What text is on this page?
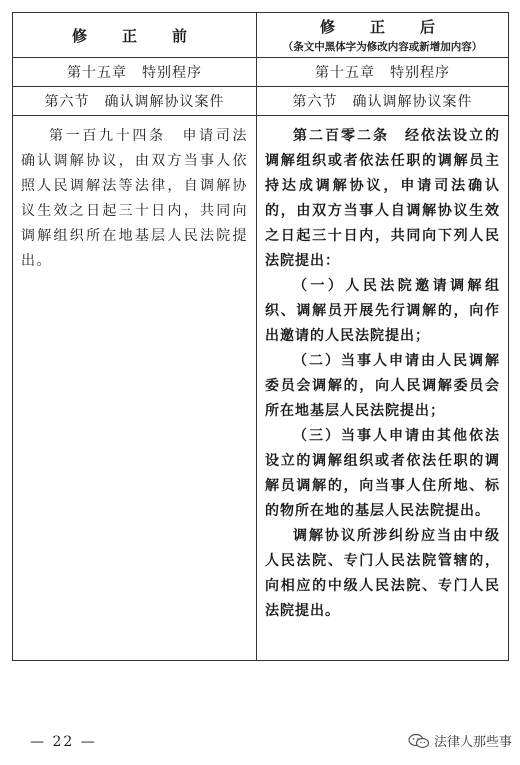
修　正　前	修　正　后
（条文中黑体字为修改内容或新增加内容）

第十五章　特别程序	第十五章　特别程序
第六节　确认调解协议案件	第六节　确认调解协议案件

第一百九十四条　申请司法确认调解协议，由双方当事人依照人民调解法等法律，自调解协议生效之日起三十日内，共同向调解组织所在地基层人民法院提出。	第二百零二条　经依法设立的调解组织或者依法任职的调解员主持达成调解协议，申请司法确认的，由双方当事人自调解协议生效之日起三十日内，共同向下列人民法院提出：

（一）人民法院邀请调解组织、调解员开展先行调解的，向作出邀请的人民法院提出；

（二）当事人申请由人民调解委员会调解的，向人民调解委员会所在地基层人民法院提出；

（三）当事人申请由其他依法设立的调解组织或者依法任职的调解员调解的，向当事人住所地、标的物所在地的基层人民法院提出。

调解协议所涉纠纷应当由中级人民法院、专门人民法院管辖的，向相应的中级人民法院、专门人民法院提出。

— 22 —	法律人那些事
